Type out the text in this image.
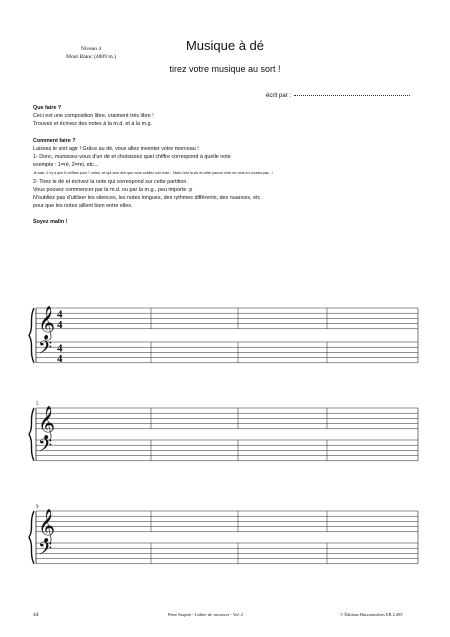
Niveau 4
Mont Blanc (4809 m.)
Musique à dé
tirez votre musique au sort !
écrit par :

Que faire ?

Ceci est une composition libre, vraiment très libre !

Trouvez et écrivez des notes à la m.d. et à la m.g.

Comment faire ?

Laissez le sort agir ! Grâce au dé, vous allez inventer votre morceau !

1- Donc, munissez-vous d'un dé et choisissez quel chiffre correspond à quelle note

exemple : 1=ré, 2=mi, etc...

Je sais, il n'y a que 6 chiffres pour 7 notes, ce qui veut dire que vous oubliez une note... Mais c'est la vie et cette pauvre note ne vous en voudra pas... !

2- Tirez le dé et écrivez la note qui correspond sur cette partition.

Vous pouvez commencer par la m.d. ou par la m.g., peu importe :p

N'oubliez pas d'utiliser les silences, les notes longues, des rythmes différents, des nuances, etc

pour que les notes aillent bien entre elles.

Soyez malin !

𝄞
𝄢
4
4
4
4
𝄞
𝄢
5
𝄞
𝄢
9
44	Peter Saspiré - Cahier de vacances - Vol. 2	© Éditions Buissonnières EB 2.495
